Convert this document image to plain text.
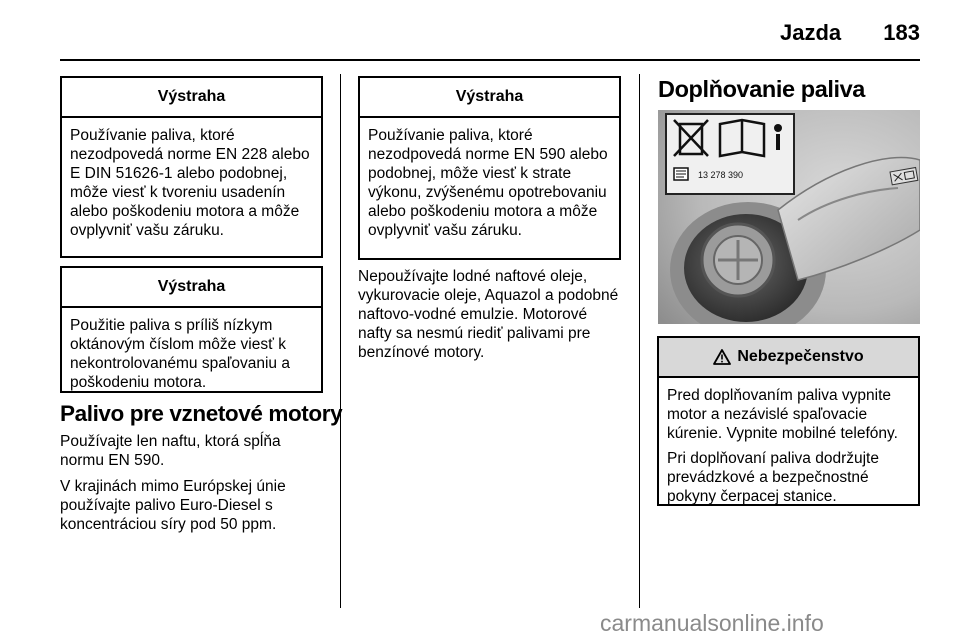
Jazda	183
Výstraha

Používanie paliva, ktoré nezodpovedá norme EN 228 alebo E DIN 51626-1 alebo podobnej, môže viesť k tvoreniu usadenín alebo poškodeniu motora a môže ovplyvniť vašu záruku.

Výstraha

Použitie paliva s príliš nízkym oktánovým číslom môže viesť k nekontrolovanému spaľovaniu a poškodeniu motora.

Palivo pre vznetové motory

Používajte len naftu, ktorá spĺňa normu EN 590.

V krajinách mimo Európskej únie používajte palivo Euro-Diesel s koncentráciou síry pod 50 ppm.

Výstraha

Používanie paliva, ktoré nezodpovedá norme EN 590 alebo podobnej, môže viesť k strate výkonu, zvýšenému opotrebovaniu alebo poškodeniu motora a môže ovplyvniť vašu záruku.

Nepoužívajte lodné naftové oleje, vykurovacie oleje, Aquazol a podobné naftovo-vodné emulzie. Motorové nafty sa nesmú riediť palivami pre benzínové motory.

Doplňovanie paliva
13 278 390
Nebezpečenstvo

Pred doplňovaním paliva vypnite motor a nezávislé spaľovacie kúrenie. Vypnite mobilné telefóny.

Pri doplňovaní paliva dodržujte prevádzkové a bezpečnostné pokyny čerpacej stanice.

carmanualsonline.info
